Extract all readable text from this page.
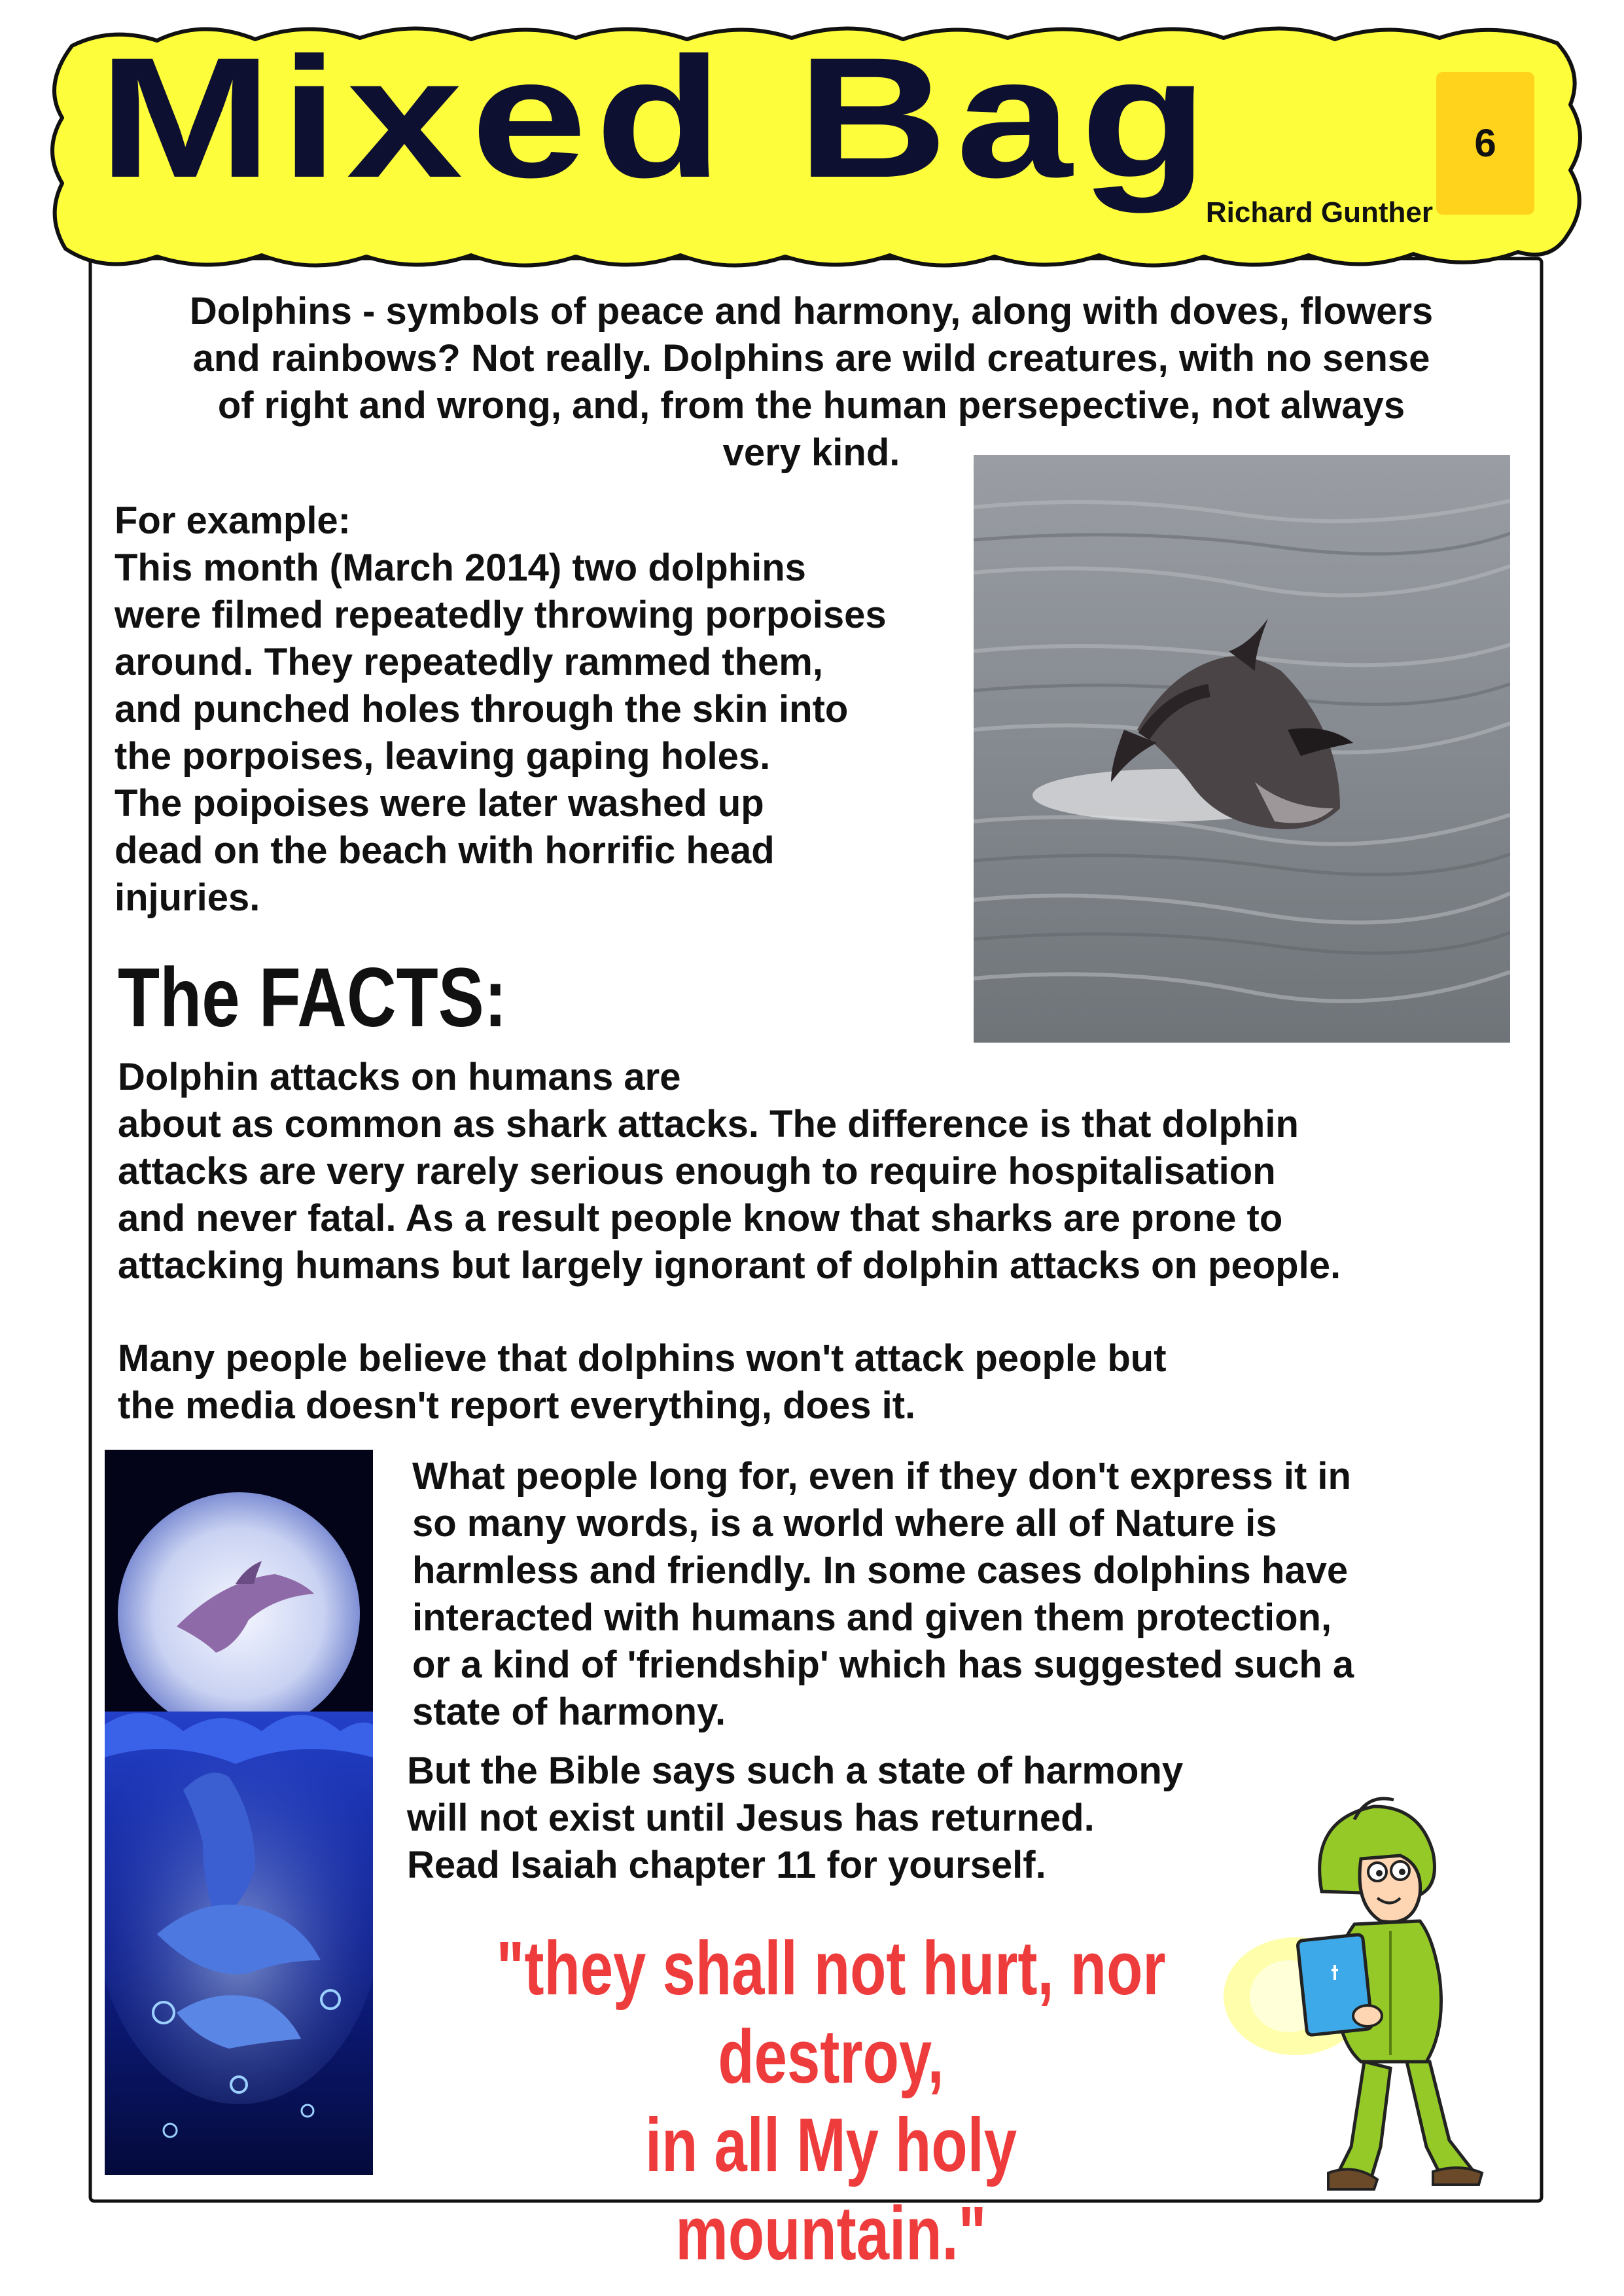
Mixed Bag	6
Richard Gunther

Dolphins - symbols of peace and harmony, along with doves, flowers
and rainbows? Not really. Dolphins are wild creatures, with no sense
of right and wrong, and, from the human persepective, not always
very kind.

For example:
This month (March 2014) two dolphins
were filmed repeatedly throwing porpoises
around. They repeatedly rammed them,
and punched holes through the skin into
the porpoises, leaving gaping holes.
The poipoises were later washed up
dead on the beach with horrific head
injuries.

The FACTS:

Dolphin attacks on humans are
about as common as shark attacks. The difference is that dolphin
attacks are very rarely serious enough to require hospitalisation
and never fatal. As a result people know that sharks are prone to
attacking humans but largely ignorant of dolphin attacks on people.

Many people believe that dolphins won't attack people but
the media doesn't report everything, does it.

What people long for, even if they don't express it in
so many words, is a world where all of Nature is
harmless and friendly. In some cases dolphins have
interacted with humans and given them protection,
or a kind of 'friendship' which has suggested such a
state of harmony.

But the Bible says such a state of harmony
will not exist until Jesus has returned.
Read Isaiah chapter 11 for yourself.

"they shall not hurt, nor destroy,
in all My holy mountain."
